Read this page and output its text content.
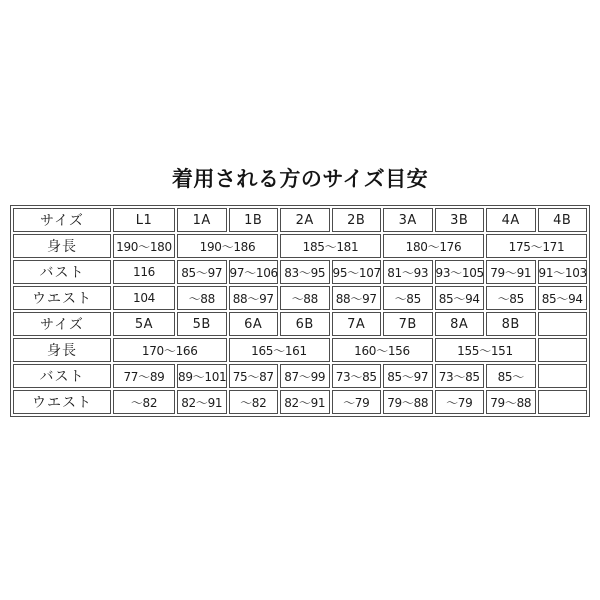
着用される方のサイズ目安
サイズ	L1	1A	1B	2A	2B	3A	3B	4A	4B
身長	190〜180	190〜186		185〜181		180〜176		175〜171	
バスト	116	85〜97	97〜106	83〜95	95〜107	81〜93	93〜105	79〜91	91〜103
ウエスト	104	〜88	88〜97	〜88	88〜97	〜85	85〜94	〜85	85〜94
サイズ	5A	5B	6A	6B	7A	7B	8A	8B	
身長	170〜166		165〜161		160〜156		155〜151		
バスト	77〜89	89〜101	75〜87	87〜99	73〜85	85〜97	73〜85	85〜	
ウエスト	〜82	82〜91	〜82	82〜91	〜79	79〜88	〜79	79〜88	
